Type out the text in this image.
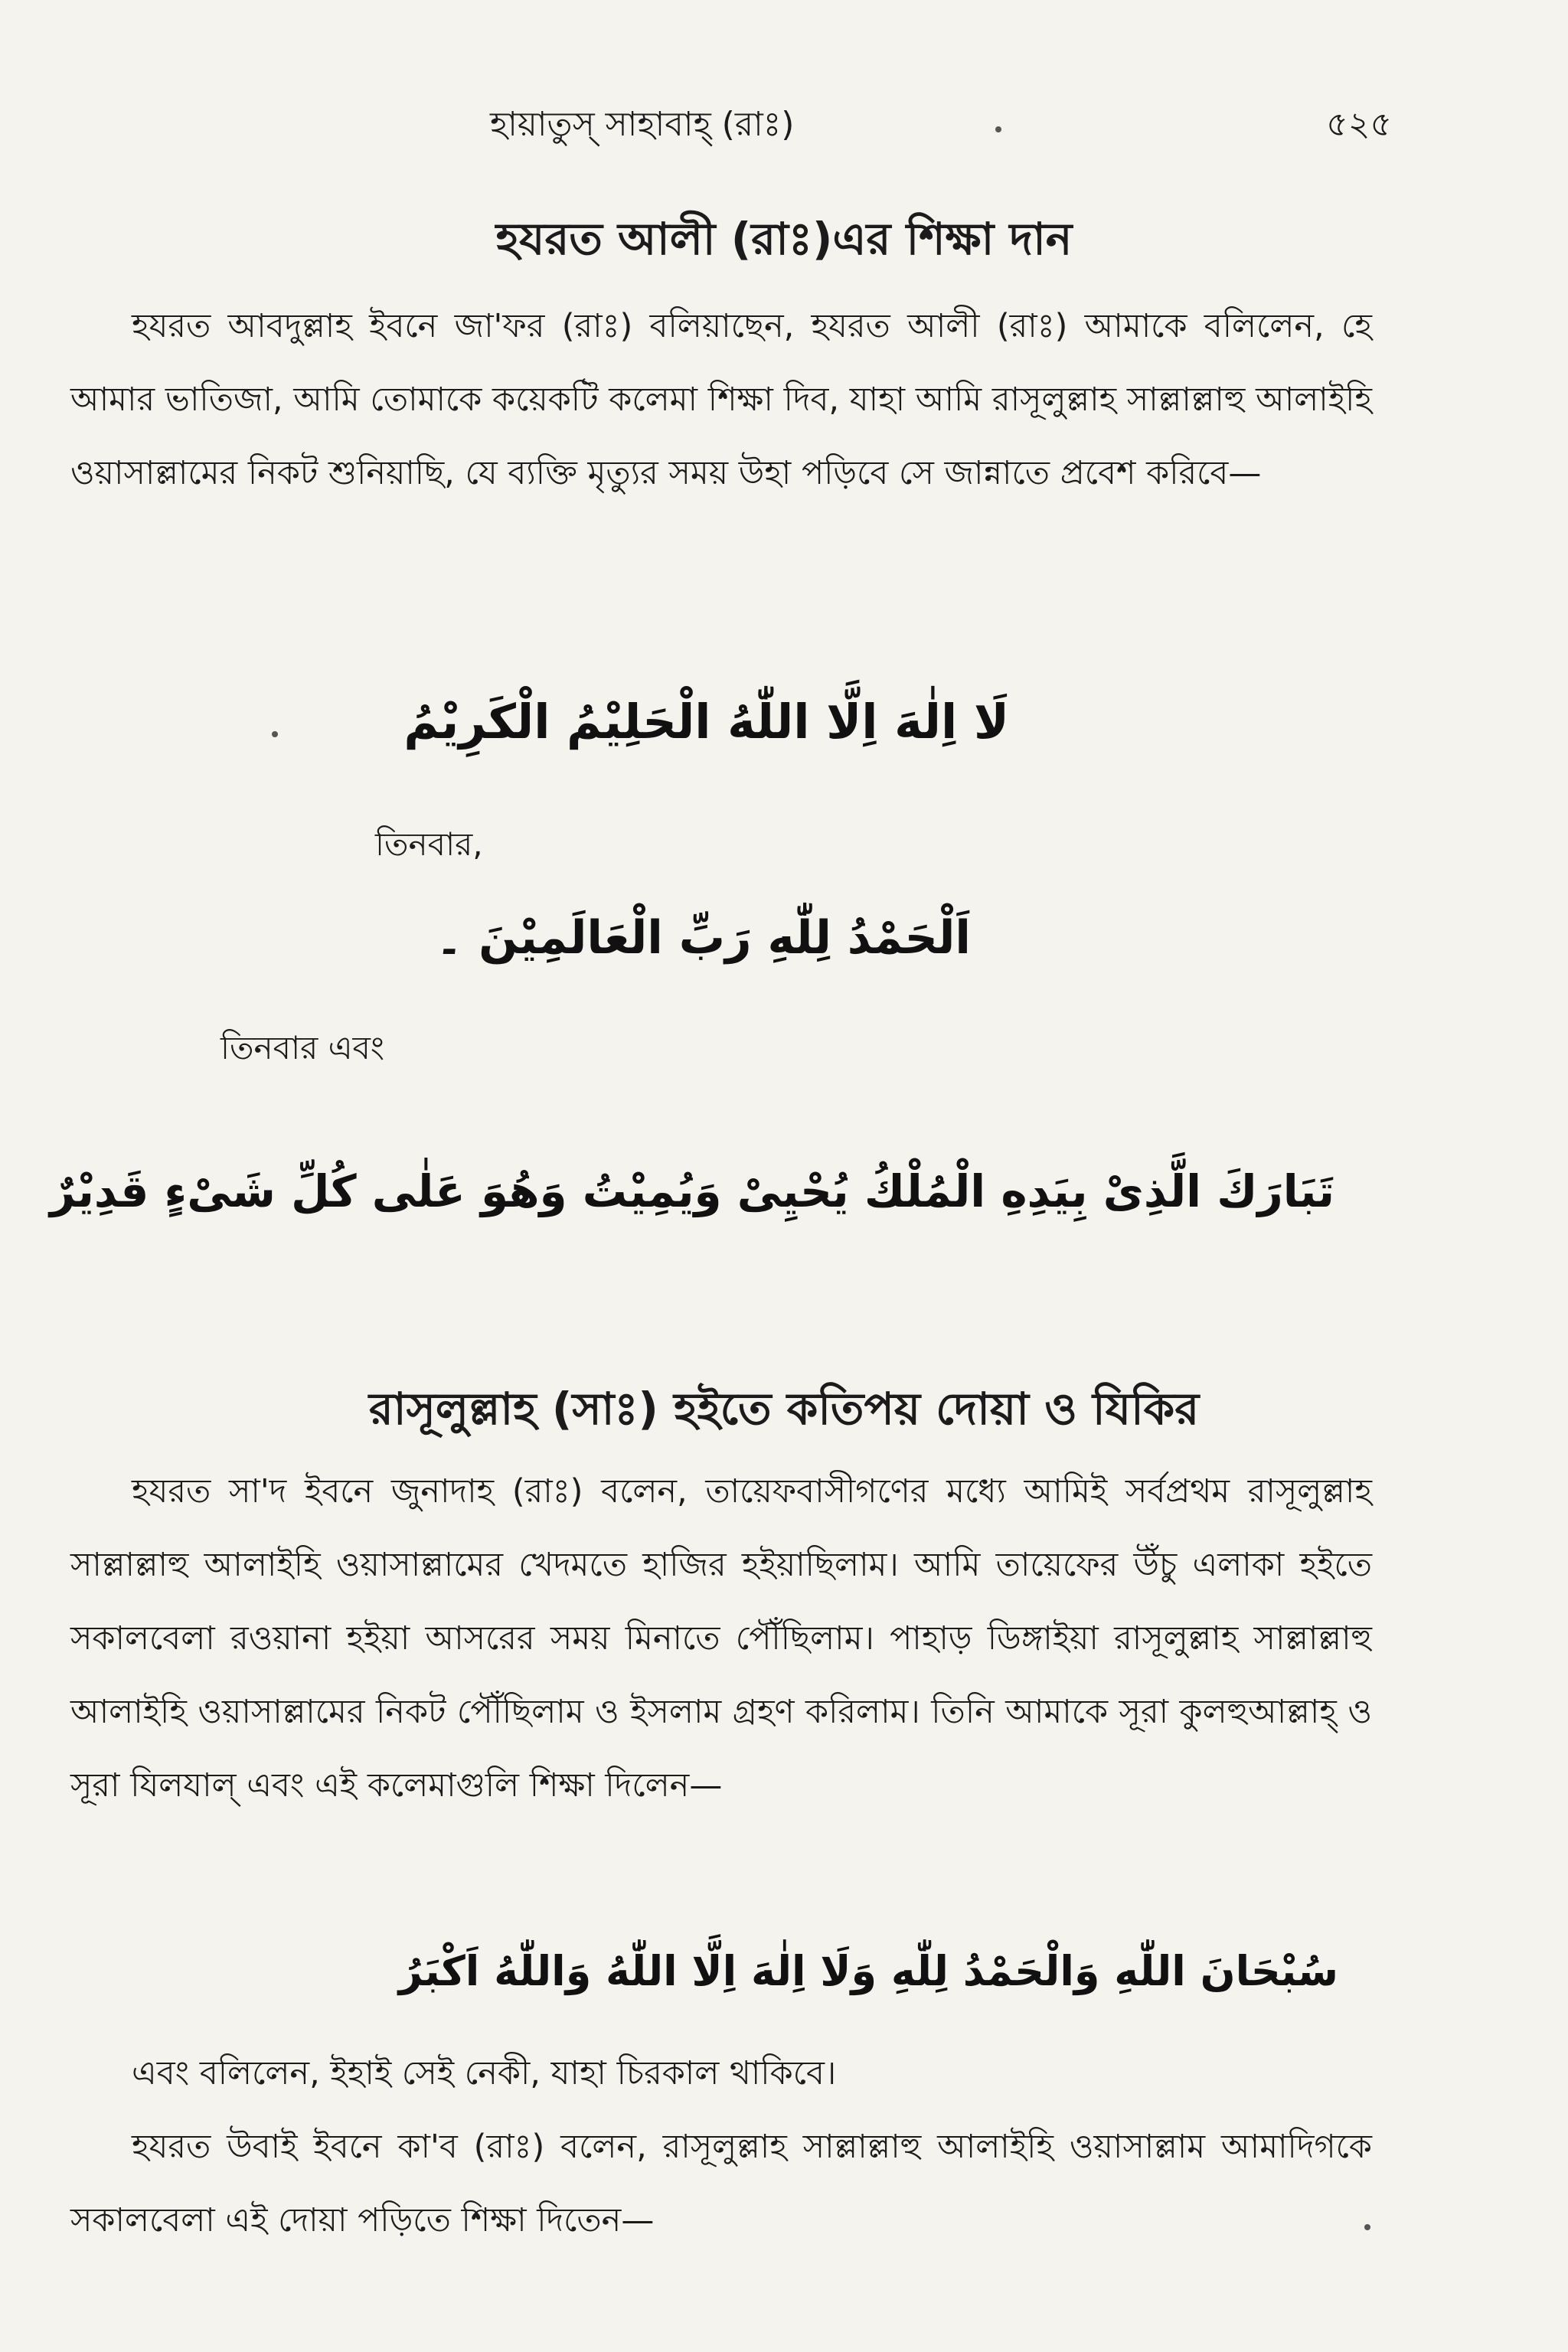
হায়াতুস্ সাহাবাহ্ (রাঃ)	৫২৫
হযরত আলী (রাঃ)এর শিক্ষা দান

হযরত আবদুল্লাহ ইবনে জা'ফর (রাঃ) বলিয়াছেন, হযরত আলী (রাঃ) আমাকে বলিলেন, হে আমার ভাতিজা, আমি তোমাকে কয়েকটি কলেমা শিক্ষা দিব, যাহা আমি রাসূলুল্লাহ সাল্লাল্লাহু আলাইহি ওয়াসাল্লামের নিকট শুনিয়াছি, যে ব্যক্তি মৃত্যুর সময় উহা পড়িবে সে জান্নাতে প্রবেশ করিবে—

لَا اِلٰهَ اِلَّا اللّٰهُ الْحَلِيْمُ الْكَرِيْمُ
তিনবার,
اَلْحَمْدُ لِلّٰهِ رَبِّ الْعَالَمِيْنَ ۔
তিনবার এবং
تَبَارَكَ الَّذِىْ بِيَدِهِ الْمُلْكُ يُحْيِىْ وَيُمِيْتُ وَهُوَ عَلٰى كُلِّ شَىْءٍ قَدِيْرٌ
রাসূলুল্লাহ (সাঃ) হইতে কতিপয় দোয়া ও যিকির

হযরত সা'দ ইবনে জুনাদাহ (রাঃ) বলেন, তায়েফবাসীগণের মধ্যে আমিই সর্বপ্রথম রাসূলুল্লাহ সাল্লাল্লাহু আলাইহি ওয়াসাল্লামের খেদমতে হাজির হইয়াছিলাম। আমি তায়েফের উঁচু এলাকা হইতে সকালবেলা রওয়ানা হইয়া আসরের সময় মিনাতে পৌঁছিলাম। পাহাড় ডিঙ্গাইয়া রাসূলুল্লাহ সাল্লাল্লাহু আলাইহি ওয়াসাল্লামের নিকট পৌঁছিলাম ও ইসলাম গ্রহণ করিলাম। তিনি আমাকে সূরা কুলহুআল্লাহ্ ও সূরা যিলযাল্ এবং এই কলেমাগুলি শিক্ষা দিলেন—

سُبْحَانَ اللّٰهِ وَالْحَمْدُ لِلّٰهِ وَلَا اِلٰهَ اِلَّا اللّٰهُ وَاللّٰهُ اَكْبَرُ

এবং বলিলেন, ইহাই সেই নেকী, যাহা চিরকাল থাকিবে।

হযরত উবাই ইবনে কা'ব (রাঃ) বলেন, রাসূলুল্লাহ সাল্লাল্লাহু আলাইহি ওয়াসাল্লাম আমাদিগকে সকালবেলা এই দোয়া পড়িতে শিক্ষা দিতেন—
